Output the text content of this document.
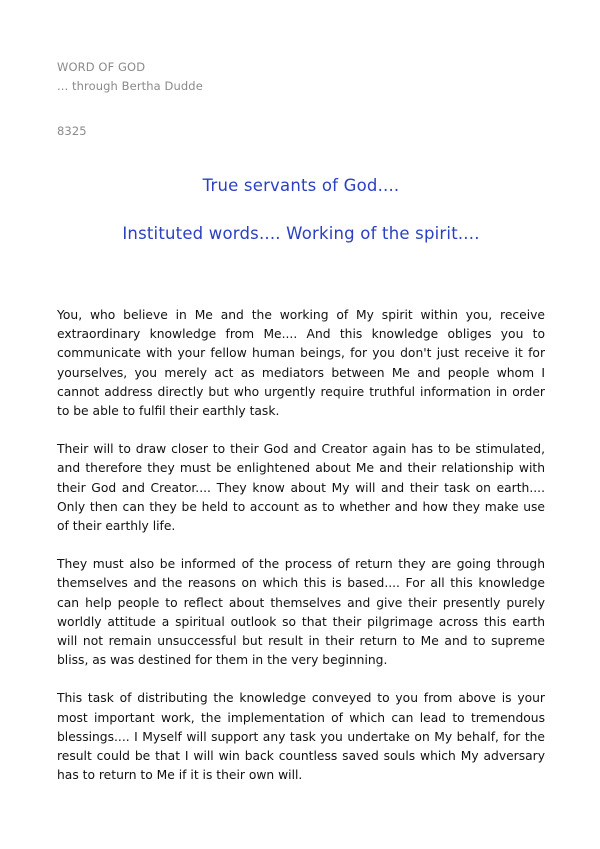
WORD OF GOD
... through Bertha Dudde
8325
True servants of God....
Instituted words.... Working of the spirit....

You, who believe in Me and the working of My spirit within you, receive extraordinary knowledge from Me.... And this knowledge obliges you to communicate with your fellow human beings, for you don't just receive it for yourselves, you merely act as mediators between Me and people whom I cannot address directly but who urgently require truthful information in order to be able to fulfil their earthly task.

Their will to draw closer to their God and Creator again has to be stimulated, and therefore they must be enlightened about Me and their relationship with their God and Creator.... They know about My will and their task on earth.... Only then can they be held to account as to whether and how they make use of their earthly life.

They must also be informed of the process of return they are going through themselves and the reasons on which this is based.... For all this knowledge can help people to reflect about themselves and give their presently purely worldly attitude a spiritual outlook so that their pilgrimage across this earth will not remain unsuccessful but result in their return to Me and to supreme bliss, as was destined for them in the very beginning.

This task of distributing the knowledge conveyed to you from above is your most important work, the implementation of which can lead to tremendous blessings.... I Myself will support any task you undertake on My behalf, for the result could be that I will win back countless saved souls which My adversary has to return to Me if it is their own will.
